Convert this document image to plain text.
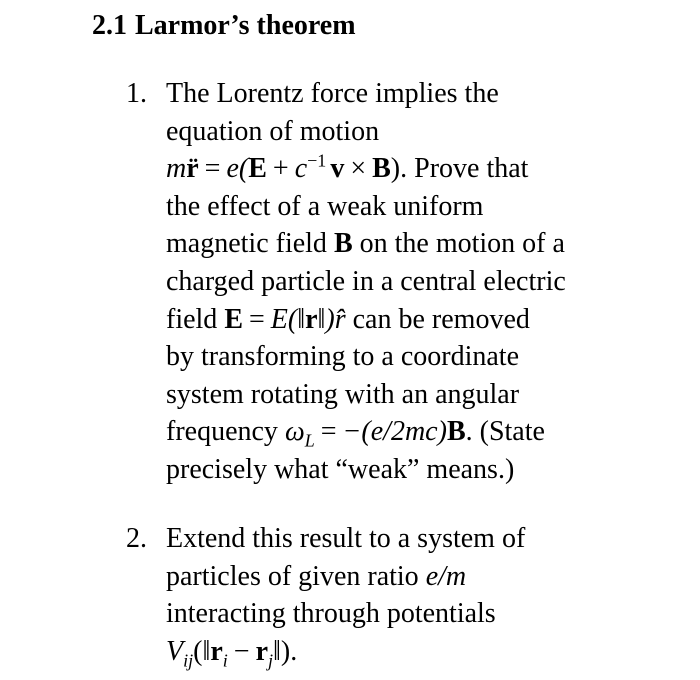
2.1 Larmor’s theorem
1. The Lorentz force implies the
equation of motion
mr̈ = $e(E + c^{-1}$ v × B). Prove that
the effect of a weak uniform
magnetic field B on the motion of a
charged particle in a central electric
field E = E(‖r‖)r̂ can be removed
by transforming to a coordinate
system rotating with an angular
frequency $\omega_L = -(e/2mc)B$. (State
precisely what “weak” means.)
2. Extend this result to a system of
particles of given ratio e/m
interacting through potentials
$V_{ij}(‖r_i$ − $r_j‖$).
